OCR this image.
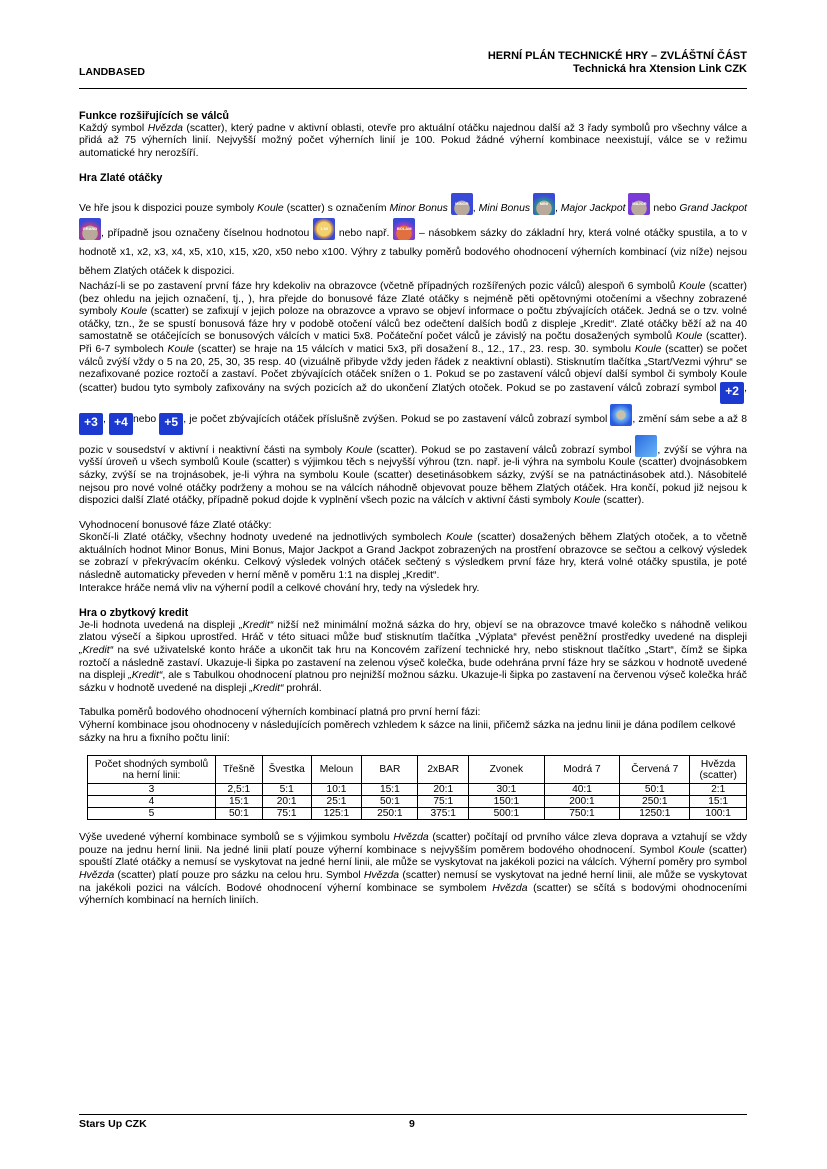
LANDBASED
HERNÍ PLÁN TECHNICKÉ HRY – ZVLÁŠTNÍ ČÁST
Technická hra Xtension Link CZK

Funkce rozšiřujících se válců

Každý symbol Hvězda (scatter), který padne v aktivní oblasti, otevře pro aktuální otáčku najednou další až 3 řady symbolů pro všechny válce a přidá až 75 výherních linií. Nejvyšší možný počet výherních linií je 100. Pokud žádné výherní kombinace neexistují, válce se v režimu automatické hry nerozšíří.

Hra Zlaté otáčky

Ve hře jsou k dispozici pouze symboly Koule (scatter) s označením Minor Bonus	MINOR , Mini Bonus	MINI , Major Jackpot	MAJOR nebo Grand Jackpot
GRAND , případně jsou označeny číselnou hodnotou	1.50 nebo např. BOLAM – násobkem sázky do základní hry, která volné otáčky spustila, a to v hodnotě x1, x2, x3, x4, x5, x10, x15, x20, x50 nebo x100. Výhry z tabulky poměrů bodového ohodnocení výherních kombinací (viz níže) nejsou během Zlatých otáček k dispozici.

Nachází-li se po zastavení první fáze hry kdekoliv na obrazovce (včetně případných rozšířených pozic válců) alespoň 6 symbolů Koule (scatter) (bez ohledu na jejich označení, tj., ), hra přejde do bonusové fáze Zlaté otáčky s nejméně pěti opětovnými otočeními a všechny zobrazené symboly Koule (scatter) se zafixují v jejich poloze na obrazovce a vpravo se objeví informace o počtu zbývajících otáček. Jedná se o tzv. volné otáčky, tzn., že se spustí bonusová fáze hry v podobě otočení válců bez odečtení dalších bodů z displeje „Kredit“. Zlaté otáčky běží až na 40 samostatně se otáčejících se bonusových válcích v matici 5x8. Počáteční počet válců je závislý na počtu dosažených symbolů Koule (scatter). Při 6-7 symbolech Koule (scatter) se hraje na 15 válcích v matici 5x3, při dosažení 8., 12., 17., 23. resp. 30. symbolu Koule (scatter) se počet válců zvýší vždy o 5 na 20, 25, 30, 35 resp. 40 (vizuálně přibyde vždy jeden řádek z neaktivní oblasti). Stisknutím tlačítka „Start/Vezmi výhru“ se nezafixované pozice roztočí a zastaví. Počet zbývajících otáček snížen o 1. Pokud se po zastavení válců objeví další symbol či symboly Koule (scatter) budou tyto symboly zafixovány na svých pozicích až do ukončení Zlatých otoček. Pokud se po zastavení válců zobrazí symbol +2 , +3 , +4 nebo +5 , je počet zbývajících otáček příslušně zvýšen. Pokud se po zastavení válců zobrazí symbol , změní sám sebe a až 8 pozic v sousedství v aktivní i neaktivní části na symboly Koule (scatter). Pokud se po zastavení válců zobrazí symbol , zvýší se výhra na vyšší úroveň u všech symbolů Koule (scatter) s výjimkou těch s nejvyšší výhrou (tzn. např. je-li výhra na symbolu Koule (scatter) dvojnásobkem sázky, zvýší se na trojnásobek, je-li výhra na symbolu Koule (scatter) desetinásobkem sázky, zvýší se na patnáctinásobek atd.). Násobitelé nejsou pro nové volné otáčky podrženy a mohou se na válcích náhodně objevovat pouze během Zlatých otáček. Hra končí, pokud již nejsou k dispozici další Zlaté otáčky, případně pokud dojde k vyplnění všech pozic na válcích v aktivní části symboly Koule (scatter).

Vyhodnocení bonusové fáze Zlaté otáčky:

Skončí-li Zlaté otáčky, všechny hodnoty uvedené na jednotlivých symbolech Koule (scatter) dosažených během Zlatých otoček, a to včetně aktuálních hodnot Minor Bonus, Mini Bonus, Major Jackpot a Grand Jackpot zobrazených na prostření obrazovce se sečtou a celkový výsledek se zobrazí v překrývacím okénku. Celkový výsledek volných otáček sečtený s výsledkem první fáze hry, která volné otáčky spustila, je poté následně automaticky převeden v herní měně v poměru 1:1 na displej „Kredit“.

Interakce hráče nemá vliv na výherní podíl a celkové chování hry, tedy na výsledek hry.

Hra o zbytkový kredit

Je-li hodnota uvedená na displeji „Kredit“ nižší než minimální možná sázka do hry, objeví se na obrazovce tmavé kolečko s náhodně velikou zlatou výsečí a šipkou uprostřed. Hráč v této situaci může buď stisknutím tlačítka „Výplata“ převést peněžní prostředky uvedené na displeji „Kredit“ na své uživatelské konto hráče a ukončit tak hru na Koncovém zařízení technické hry, nebo stisknout tlačítko „Start“, čímž se šipka roztočí a následně zastaví. Ukazuje-li šipka po zastavení na zelenou výseč kolečka, bude odehrána první fáze hry se sázkou v hodnotě uvedené na displeji „Kredit“, ale s Tabulkou ohodnocení platnou pro nejnižší možnou sázku. Ukazuje-li šipka po zastavení na červenou výseč kolečka hráč sázku v hodnotě uvedené na displeji „Kredit“ prohrál.

Tabulka poměrů bodového ohodnocení výherních kombinací platná pro první herní fázi:

Výherní kombinace jsou ohodnoceny v následujících poměrech vzhledem k sázce na linii, přičemž sázka na jednu linii je dána podílem celkové sázky na hru a fixního počtu linií:

Počet shodných symbolů na herní linii:	Třešně	Švestka	Meloun	BAR	2xBAR	Zvonek	Modrá 7	Červená 7	Hvězda (scatter)
3	2,5:1	5:1	10:1	15:1	20:1	30:1	40:1	50:1	2:1
4	15:1	20:1	25:1	50:1	75:1	150:1	200:1	250:1	15:1
5	50:1	75:1	125:1	250:1	375:1	500:1	750:1	1250:1	100:1

Výše uvedené výherní kombinace symbolů se s výjimkou symbolu Hvězda (scatter) počítají od prvního válce zleva doprava a vztahují se vždy pouze na jednu herní linii. Na jedné linii platí pouze výherní kombinace s nejvyšším poměrem bodového ohodnocení. Symbol Koule (scatter) spouští Zlaté otáčky a nemusí se vyskytovat na jedné herní linii, ale může se vyskytovat na jakékoli pozici na válcích. Výherní poměry pro symbol Hvězda (scatter) platí pouze pro sázku na celou hru. Symbol Hvězda (scatter) nemusí se vyskytovat na jedné herní linii, ale může se vyskytovat na jakékoli pozici na válcích. Bodové ohodnocení výherní kombinace se symbolem Hvězda (scatter) se sčítá s bodovými ohodnoceními výherních kombinací na herních liniích.

Stars Up CZK	9
